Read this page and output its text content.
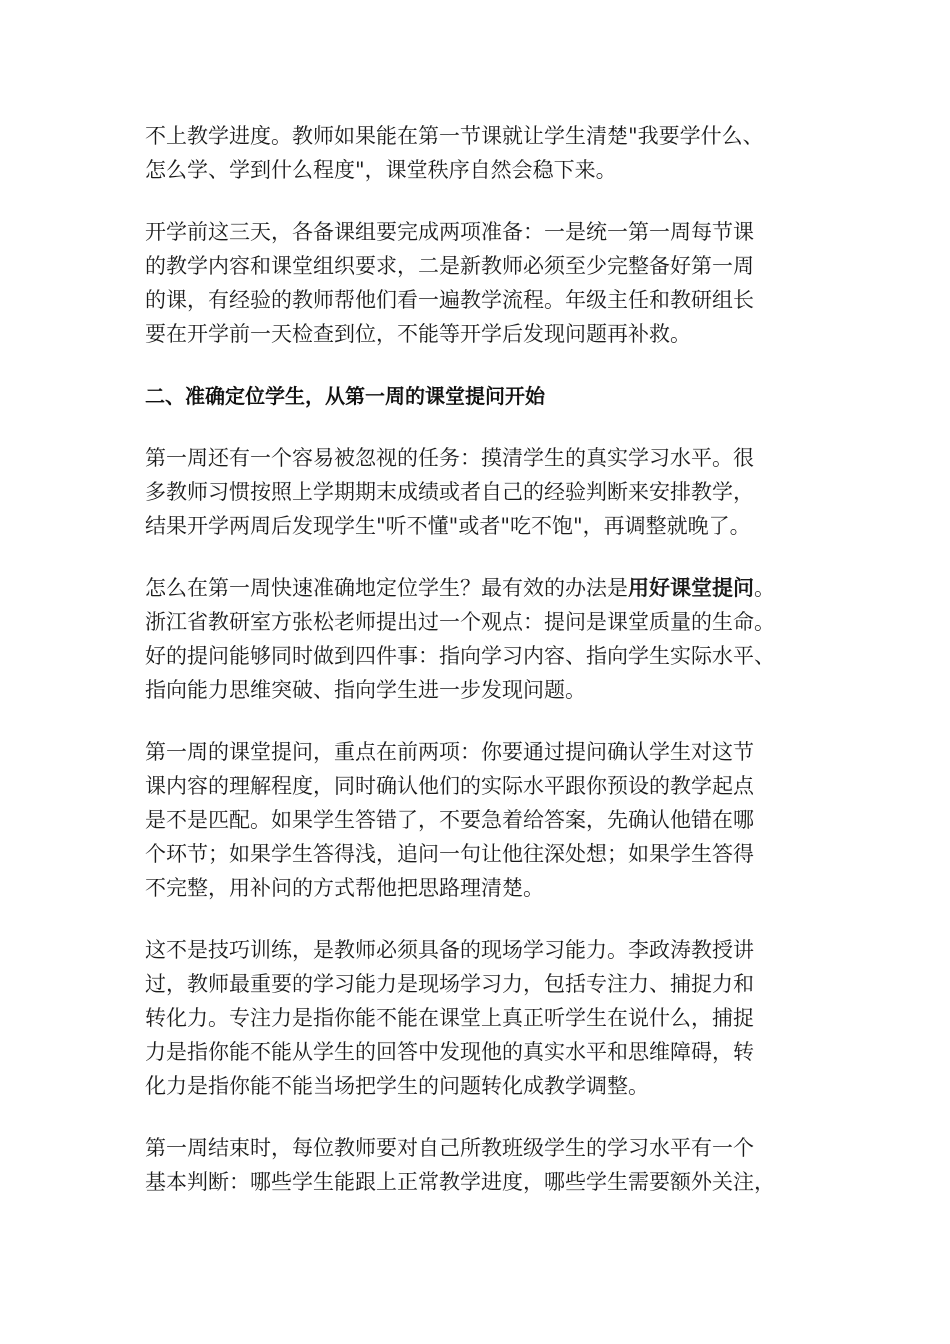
不上教学进度。教师如果能在第一节课就让学生清楚"我要学什么、
怎么学、学到什么程度"，课堂秩序自然会稳下来。
开学前这三天，各备课组要完成两项准备：一是统一第一周每节课
的教学内容和课堂组织要求，二是新教师必须至少完整备好第一周
的课，有经验的教师帮他们看一遍教学流程。年级主任和教研组长
要在开学前一天检查到位，不能等开学后发现问题再补救。
二、准确定位学生，从第一周的课堂提问开始
第一周还有一个容易被忽视的任务：摸清学生的真实学习水平。很
多教师习惯按照上学期期末成绩或者自己的经验判断来安排教学，
结果开学两周后发现学生"听不懂"或者"吃不饱"，再调整就晚了。
怎么在第一周快速准确地定位学生？最有效的办法是用好课堂提问。
浙江省教研室方张松老师提出过一个观点：提问是课堂质量的生命。
好的提问能够同时做到四件事：指向学习内容、指向学生实际水平、
指向能力思维突破、指向学生进一步发现问题。
第一周的课堂提问，重点在前两项：你要通过提问确认学生对这节
课内容的理解程度，同时确认他们的实际水平跟你预设的教学起点
是不是匹配。如果学生答错了，不要急着给答案，先确认他错在哪
个环节；如果学生答得浅，追问一句让他往深处想；如果学生答得
不完整，用补问的方式帮他把思路理清楚。
这不是技巧训练，是教师必须具备的现场学习能力。李政涛教授讲
过，教师最重要的学习能力是现场学习力，包括专注力、捕捉力和
转化力。专注力是指你能不能在课堂上真正听学生在说什么，捕捉
力是指你能不能从学生的回答中发现他的真实水平和思维障碍，转
化力是指你能不能当场把学生的问题转化成教学调整。
第一周结束时，每位教师要对自己所教班级学生的学习水平有一个
基本判断：哪些学生能跟上正常教学进度，哪些学生需要额外关注，
